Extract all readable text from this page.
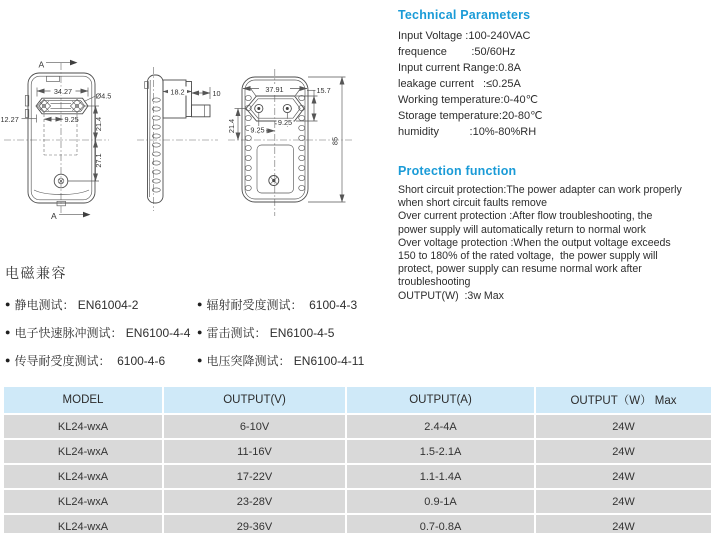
A
A
34.27	Ø4.5
12.27	9.25 21.4
27.1
18.2	10	37.91	15.7
21.4	9.25
9.25
85
Technical Parameters
Input Voltage :100-240VAC
frequence        :50/60Hz
Input current Range:0.8A
leakage current   :≤0.25A
Working temperature:0-40℃
Storage temperature:20-80℃
humidity          :10%-80%RH
Protection function
Short circuit protection:The power adapter can work properly
when short circuit faults remove
Over current protection :After flow troubleshooting, the
power supply will automatically return to normal work
Over voltage protection :When the output voltage exceeds
150 to 180% of the rated voltage,  the power supply will
protect, power supply can resume normal work after
troubleshooting
OUTPUT(W)  :3w Max
电磁兼容
● 静电测试： EN61004-2	● 辐射耐受度测试：  6100-4-3
● 电子快速脉冲测试： EN6100-4-4 ● 雷击测试： EN6100-4-5
● 传导耐受度测试：  6100-4-6	● 电压突降测试： EN6100-4-11
MODEL	OUTPUT(V)	OUTPUT(A)	OUTPUT（W） Max
KL24-wxA	6-10V	2.4-4A	24W
KL24-wxA	11-16V	1.5-2.1A	24W
KL24-wxA	17-22V	1.1-1.4A	24W
KL24-wxA	23-28V	0.9-1A	24W
KL24-wxA	29-36V	0.7-0.8A	24W
